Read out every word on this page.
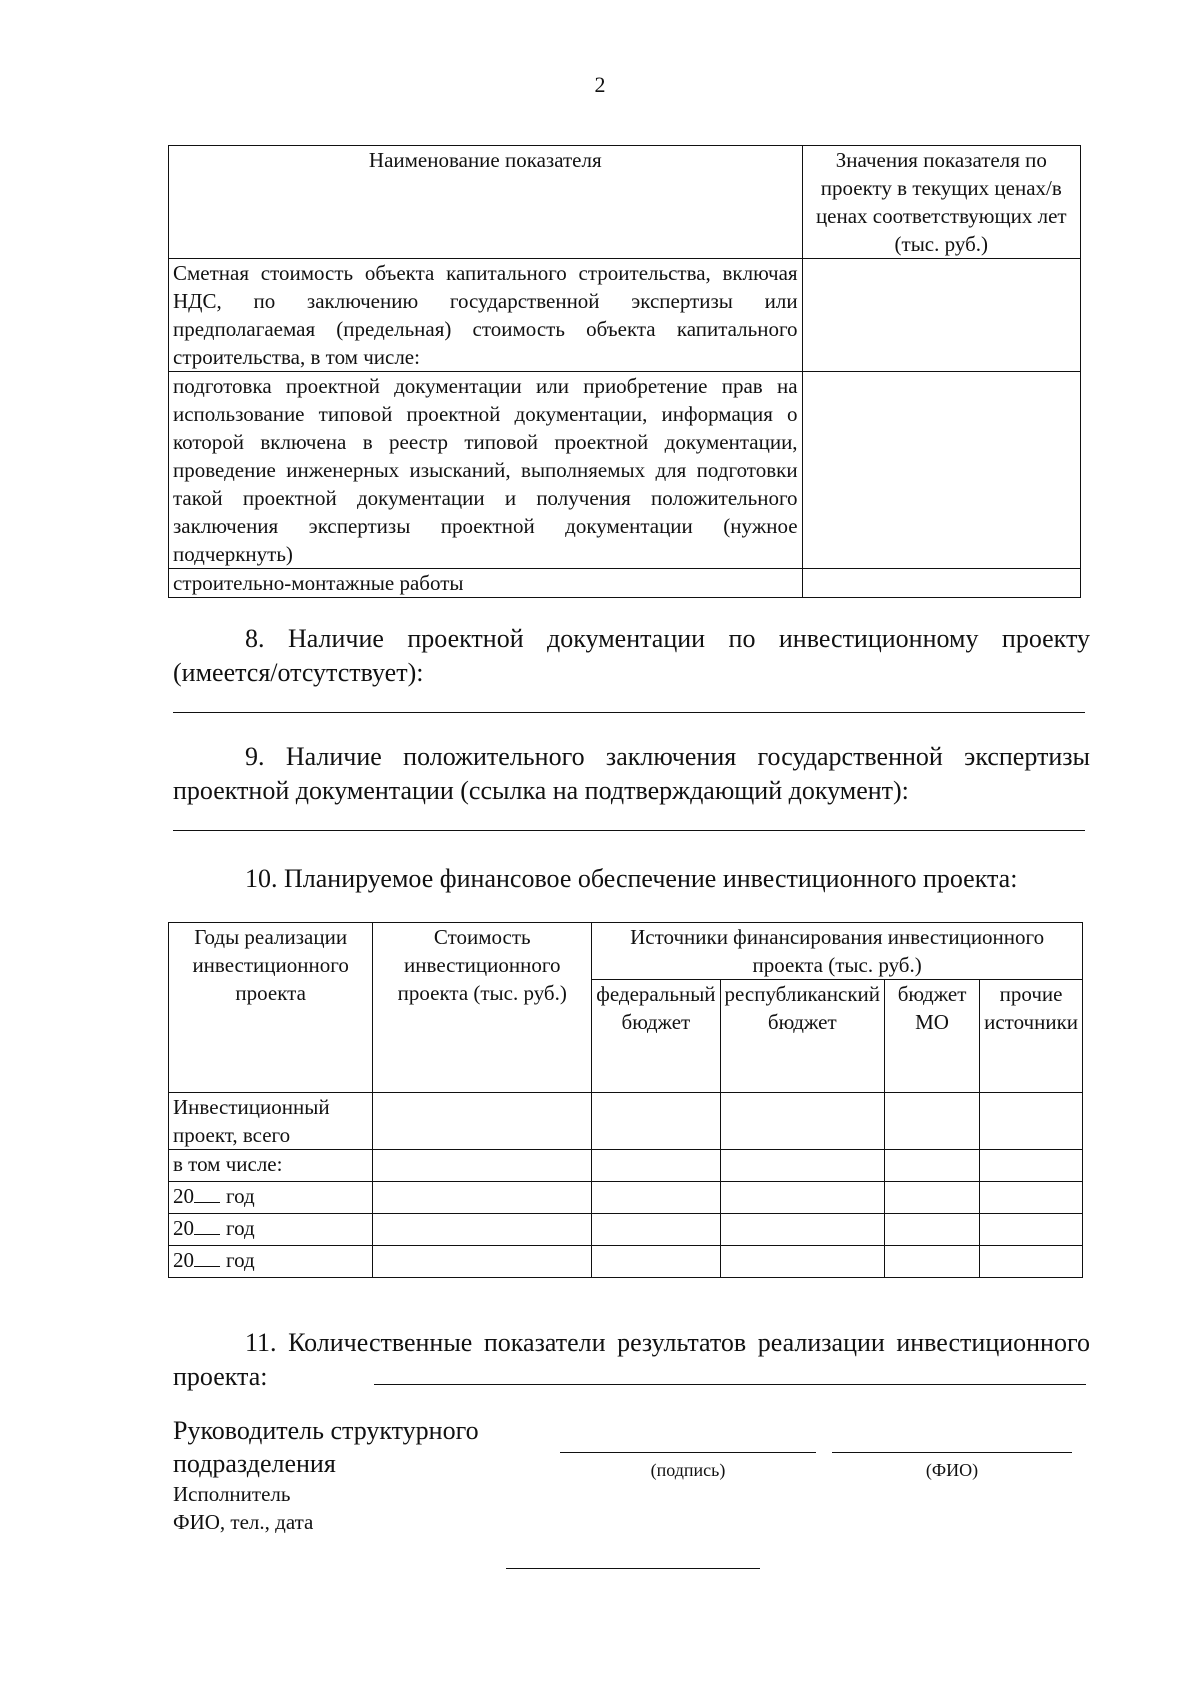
2
Наименование показателя	Значения показателя по проекту в текущих ценах/в ценах соответствующих лет (тыс. руб.)
Сметная стоимость объекта капитального строительства, включая НДС, по заключению государственной экспертизы или предполагаемая (предельная) стоимость объекта капитального строительства, в том числе:	
подготовка проектной документации или приобретение прав на использование типовой проектной документации, информация о которой включена в реестр типовой проектной документации, проведение инженерных изысканий, выполняемых для подготовки такой проектной документации и получения положительного заключения экспертизы проектной документации (нужное подчеркнуть)	
строительно-монтажные работы	
8. Наличие проектной документации по инвестиционному проекту (имеется/отсутствует):
9. Наличие положительного заключения государственной экспертизы проектной документации (ссылка на подтверждающий документ):
10. Планируемое финансовое обеспечение инвестиционного проекта:
Годы реализации инвестиционного проекта	Стоимость инвестиционного проекта (тыс. руб.)	Источники финансирования инвестиционного проекта (тыс. руб.)			
		федеральный бюджет	республиканский бюджет	бюджет МО	прочие источники
Инвестиционный проект, всего					
в том числе:					
20 год					
20 год					
20 год					
11. Количественные показатели результатов реализации инвестиционного проекта:
Руководитель структурного подразделения	(подпись)	(ФИО)
Исполнитель
ФИО, тел., дата
